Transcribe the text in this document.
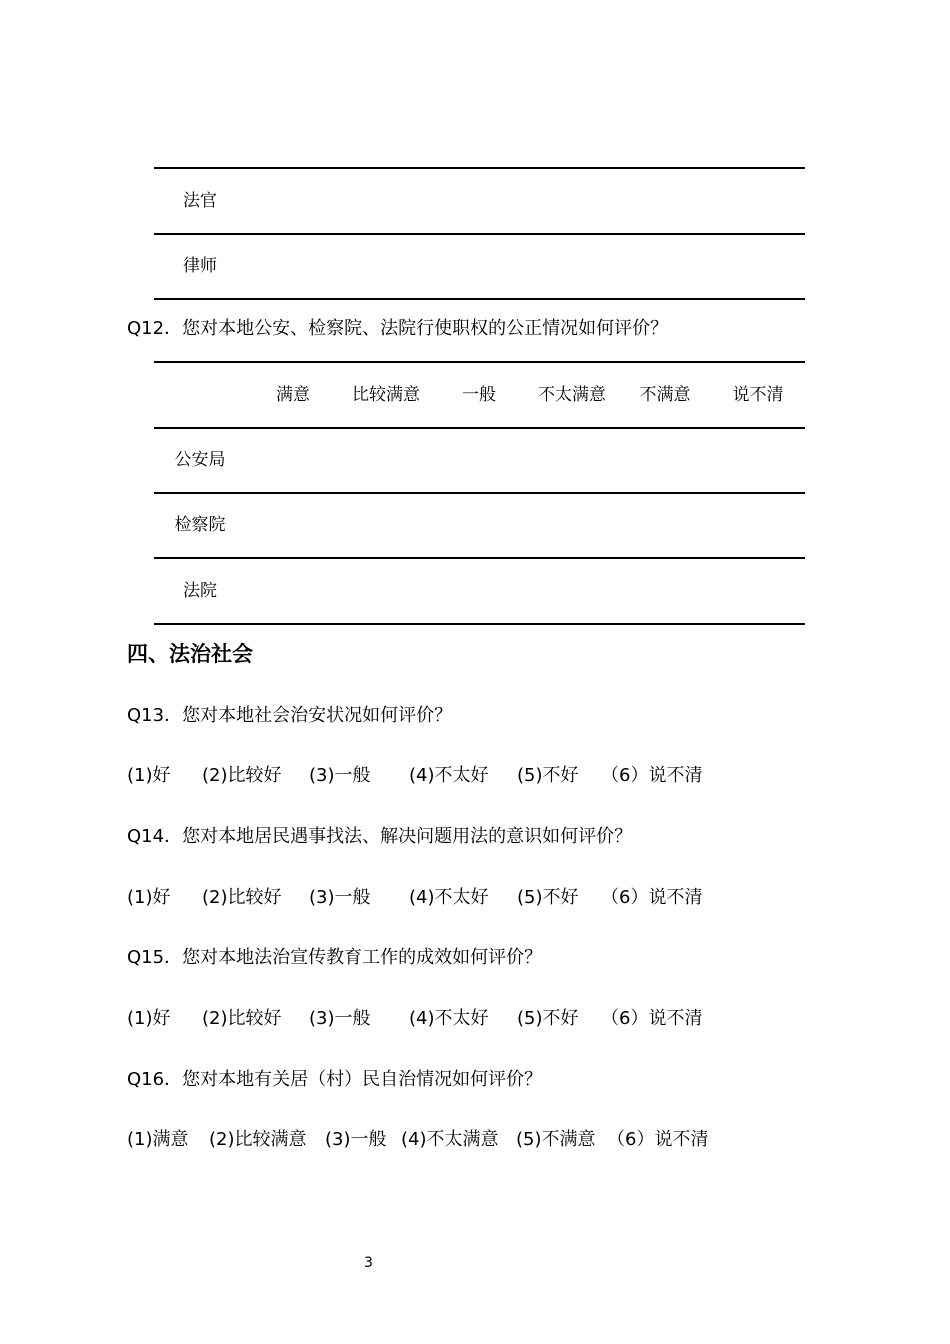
法官
律师
Q12．您对本地公安、检察院、法院行使职权的公正情况如何评价？
满意	比较满意	一般	不太满意	不满意	说不清
公安局
检察院
法院
四、法治社会
Q13．您对本地社会治安状况如何评价？
(1)好 (2)比较好 (3)一般 (4)不太好 (5)不好 （6）说不清
Q14．您对本地居民遇事找法、解决问题用法的意识如何评价？
(1)好 (2)比较好 (3)一般 (4)不太好 (5)不好 （6）说不清
Q15．您对本地法治宣传教育工作的成效如何评价？
(1)好 (2)比较好 (3)一般 (4)不太好 (5)不好 （6）说不清
Q16．您对本地有关居（村）民自治情况如何评价？
(1)满意 (2)比较满意 (3)一般 (4)不太满意 (5)不满意 （6）说不清
3
